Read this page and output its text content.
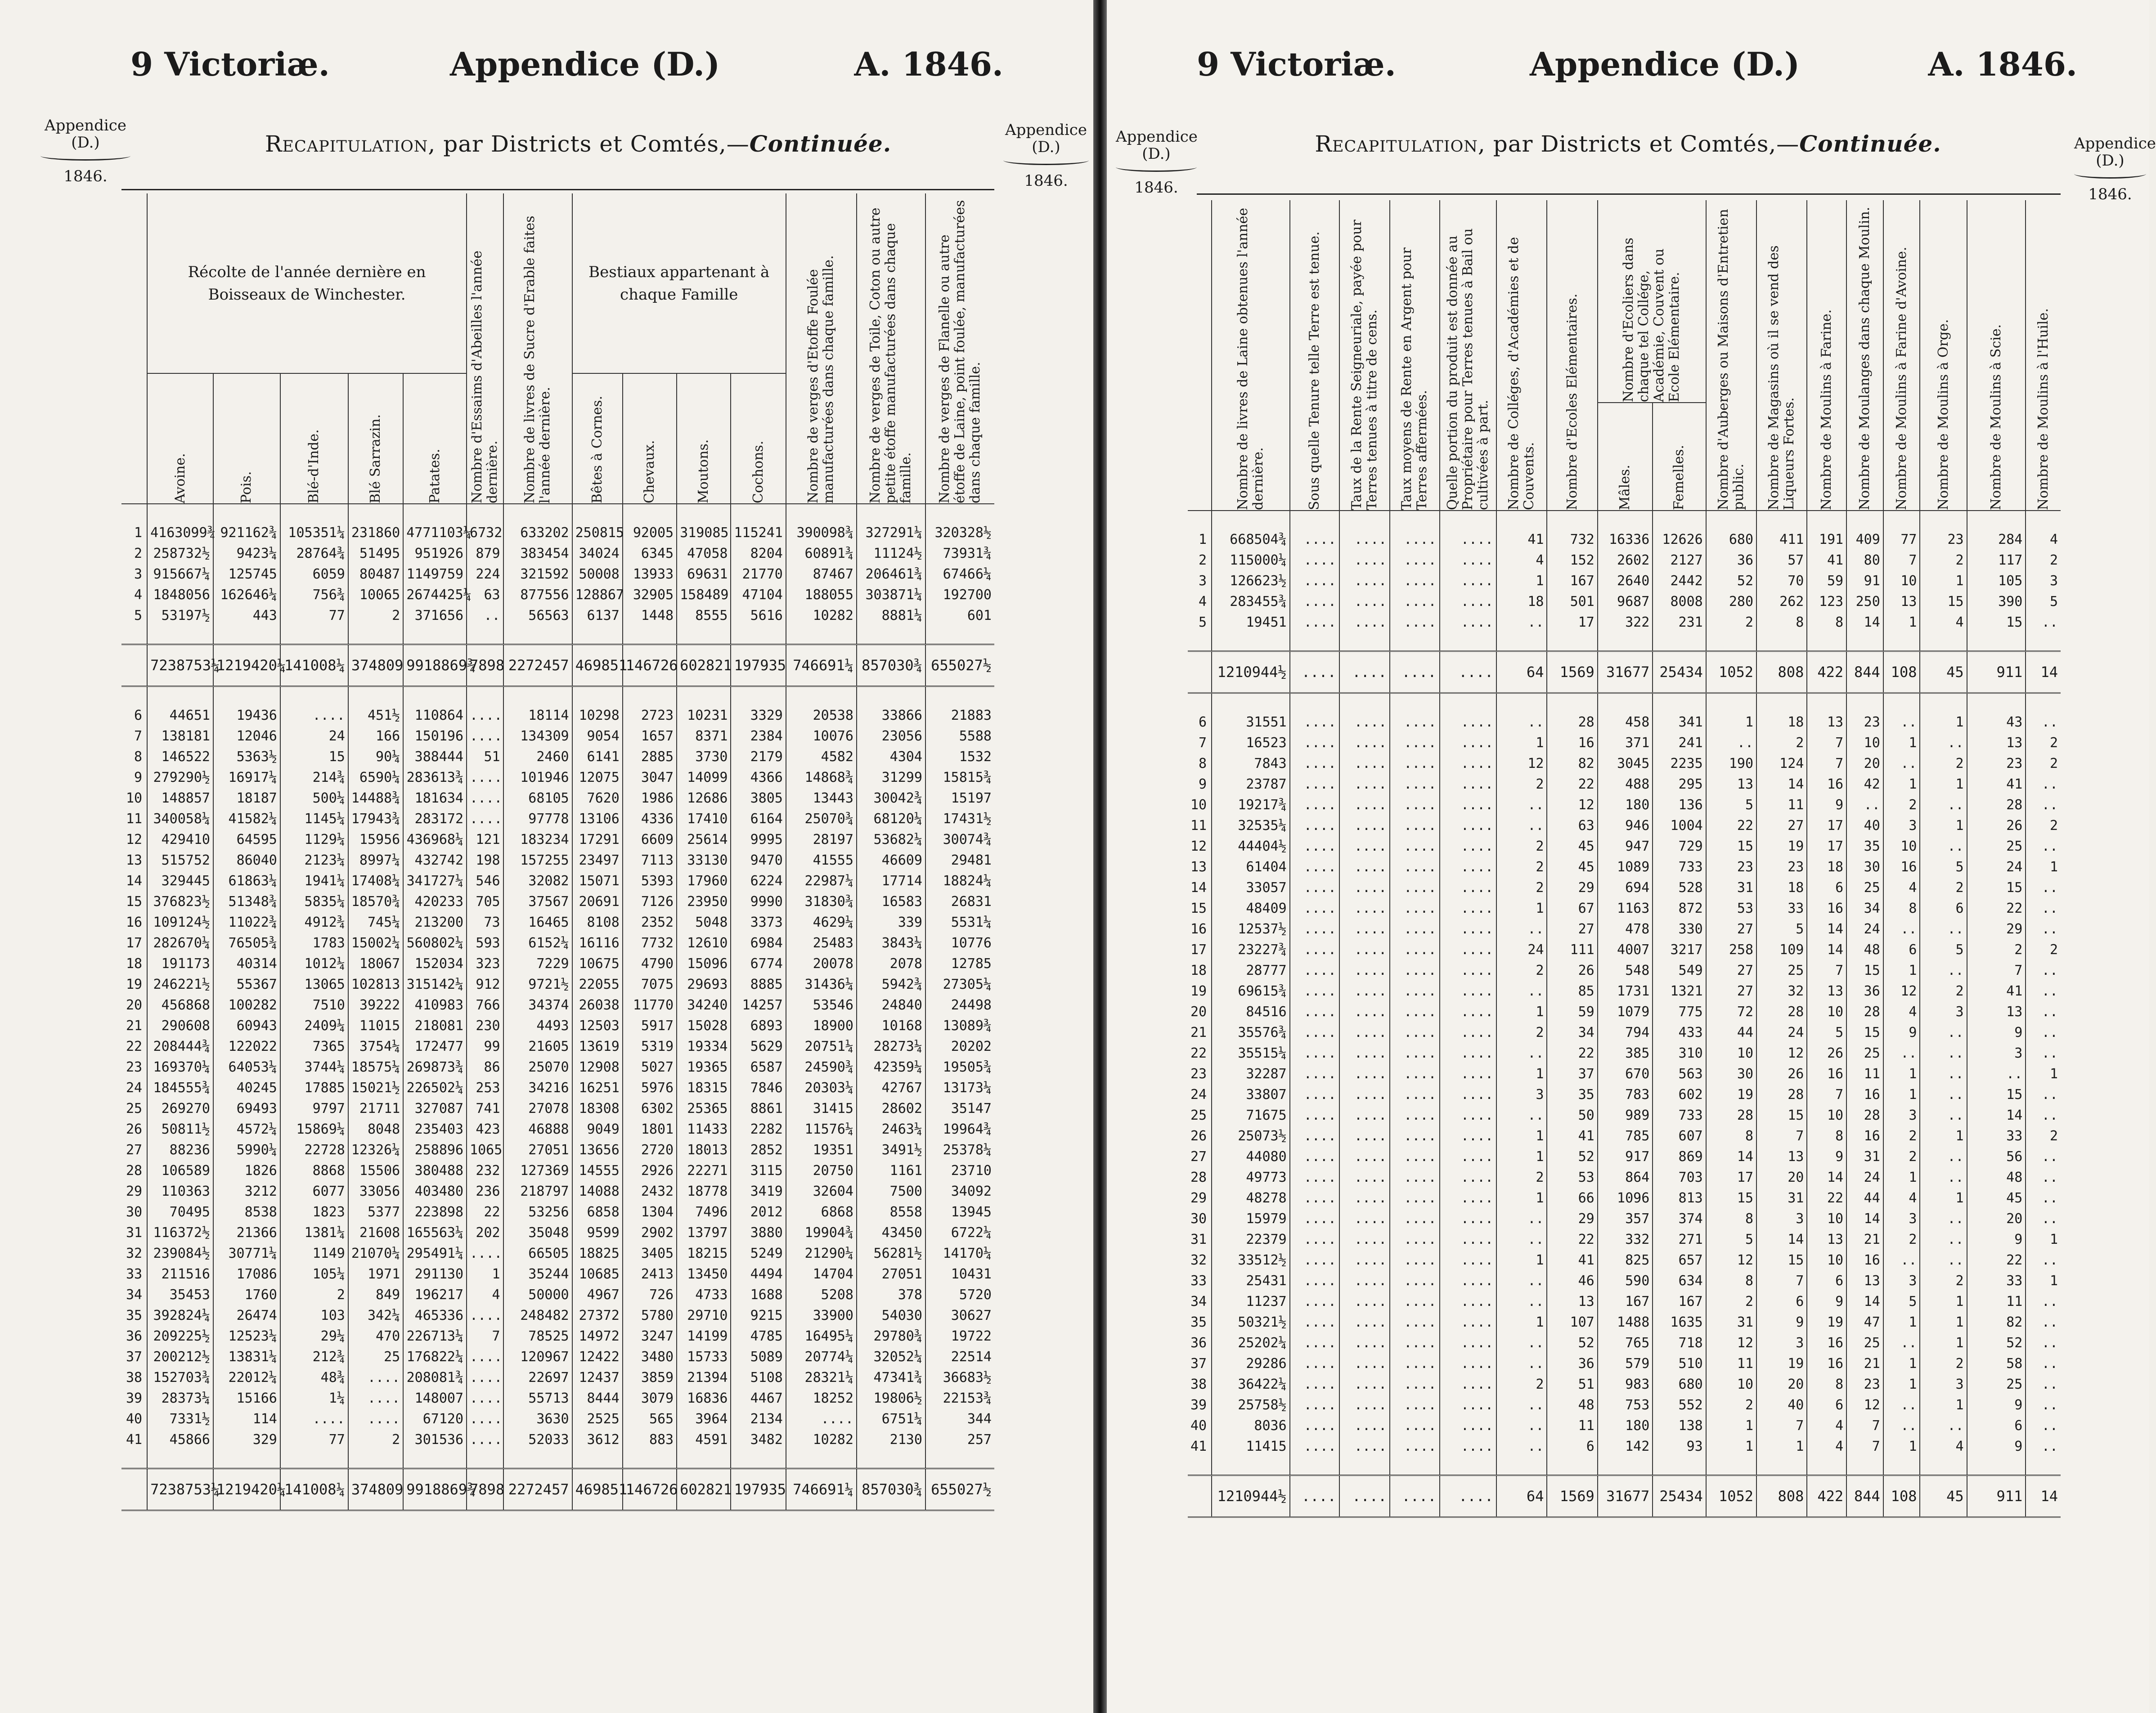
9 Victoriæ.	Appendice (D.)	A. 1846.
Appendice
(D.)
1846.
Appendice
(D.)
1846.
Recapitulation, par Districts et Comtés,—Continuée.
	Récolte de l'année dernière en Boisseaux de Winchester.					Nombre d'Essaims d'Abeilles l'année dernière.	Nombre de livres de Sucre d'Erable faites l'année dernière.	Bestiaux appartenant à chaque Famille				Nombre de verges d'Etoffe Foulée manufacturées dans chaque famille.	Nombre de verges de Toile, Coton ou autre petite étoffe manufacturées dans chaque famille.	Nombre de verges de Flanelle ou autre étoffe de Laine, point foulée, manufacturées dans chaque famille.

	Avoine.	Pois.	Blé-d'Inde.	Blé Sarrazin.	Patates.			Bêtes à Cornes.	Chevaux.	Moutons.	Cochons.			

1	4163099¾	921162¾	105351¼	231860	4771103¼	6732	633202	250815	92005	319085	115241	390098¾	327291¼	320328½
2	258732½	9423¼	28764¾	51495	951926	879	383454	34024	6345	47058	8204	60891¾	11124½	73931¾
3	915667¼	125745	6059	80487	1149759	224	321592	50008	13933	69631	21770	87467	206461¾	67466¼
4	1848056	162646¼	756¾	10065	2674425¼	63	877556	128867	32905	158489	47104	188055	303871¼	192700
5	53197½	443	77	2	371656	..	56563	6137	1448	8555	5616	10282	8881¼	601

	7238753¼	1219420¼	141008¼	374809	9918869¾	7898	2272457	469851	146726	602821	197935	746691¼	857030¾	655027½

6	44651	19436	....	451½	110864	....	18114	10298	2723	10231	3329	20538	33866	21883
7	138181	12046	24	166	150196	....	134309	9054	1657	8371	2384	10076	23056	5588
8	146522	5363½	15	90¼	388444	51	2460	6141	2885	3730	2179	4582	4304	1532
9	279290½	16917¼	214¾	6590¼	283613¾	....	101946	12075	3047	14099	4366	14868¾	31299	15815¾
10	148857	18187	500¼	14488¾	181634	....	68105	7620	1986	12686	3805	13443	30042¾	15197
11	340058¼	41582¼	1145¼	17943¾	283172	....	97778	13106	4336	17410	6164	25070¾	68120¼	17431½
12	429410	64595	1129¼	15956	436968¼	121	183234	17291	6609	25614	9995	28197	53682¼	30074¾
13	515752	86040	2123¼	8997¼	432742	198	157255	23497	7113	33130	9470	41555	46609	29481
14	329445	61863¼	1941¼	17408¼	341727¼	546	32082	15071	5393	17960	6224	22987¼	17714	18824¼
15	376823½	51348¾	5835¼	18570¾	420233	705	37567	20691	7126	23950	9990	31830¾	16583	26831
16	109124½	11022¾	4912¾	745¼	213200	73	16465	8108	2352	5048	3373	4629¼	339	5531¼
17	282670¼	76505¾	1783	15002¼	560802¼	593	6152¼	16116	7732	12610	6984	25483	3843¼	10776
18	191173	40314	1012¼	18067	152034	323	7229	10675	4790	15096	6774	20078	2078	12785
19	246221½	55367	13065	102813	315142¼	912	9721½	22055	7075	29693	8885	31436¼	5942¾	27305¼
20	456868	100282	7510	39222	410983	766	34374	26038	11770	34240	14257	53546	24840	24498
21	290608	60943	2409¼	11015	218081	230	4493	12503	5917	15028	6893	18900	10168	13089¾
22	208444¾	122022	7365	3754¼	172477	99	21605	13619	5319	19334	5629	20751¼	28273¼	20202
23	169370¼	64053¼	3744¼	18575¼	269873¾	86	25070	12908	5027	19365	6587	24590¾	42359¼	19505¾
24	184555¾	40245	17885	15021½	226502¼	253	34216	16251	5976	18315	7846	20303¼	42767	13173¼
25	269270	69493	9797	21711	327087	741	27078	18308	6302	25365	8861	31415	28602	35147
26	50811½	4572¼	15869¼	8048	235403	423	46888	9049	1801	11433	2282	11576¼	2463¼	19964¾
27	88236	5990¼	22728	12326¼	258896	1065	27051	13656	2720	18013	2852	19351	3491½	25378¼
28	106589	1826	8868	15506	380488	232	127369	14555	2926	22271	3115	20750	1161	23710
29	110363	3212	6077	33056	403480	236	218797	14088	2432	18778	3419	32604	7500	34092
30	70495	8538	1823	5377	223898	22	53256	6858	1304	7496	2012	6868	8558	13945
31	116372½	21366	1381¼	21608	165563¼	202	35048	9599	2902	13797	3880	19904¾	43450	6722¼
32	239084½	30771¼	1149	21070¼	295491¼	....	66505	18825	3405	18215	5249	21290¼	56281½	14170¼
33	211516	17086	105¼	1971	291130	1	35244	10685	2413	13450	4494	14704	27051	10431
34	35453	1760	2	849	196217	4	50000	4967	726	4733	1688	5208	378	5720
35	392824¼	26474	103	342¼	465336	....	248482	27372	5780	29710	9215	33900	54030	30627
36	209225½	12523¼	29¼	470	226713¼	7	78525	14972	3247	14199	4785	16495¼	29780¾	19722
37	200212½	13831¼	212¾	25	176822¼	....	120967	12422	3480	15733	5089	20774¼	32052¼	22514
38	152703¾	22012¼	48¾	....	208081¾	....	22697	12437	3859	21394	5108	28321¼	47341¾	36683½
39	28373¼	15166	1¼	....	148007	....	55713	8444	3079	16836	4467	18252	19806½	22153¾
40	7331½	114	....	....	67120	....	3630	2525	565	3964	2134	....	6751¼	344
41	45866	329	77	2	301536	....	52033	3612	883	4591	3482	10282	2130	257

	7238753¼	1219420¼	141008¼	374809	9918869¾	7898	2272457	469851	146726	602821	197935	746691¼	857030¾	655027½
9 Victoriæ.	Appendice (D.)	A. 1846.
Appendice
(D.)
1846.
Appendice
(D.)
1846.
Recapitulation, par Districts et Comtés,—Continuée.

	Nombre de livres de Laine obtenues l'année dernière.	Sous quelle Tenure telle Terre est tenue.	Taux de la Rente Seigneuriale, payée pour Terres tenues à titre de cens.	Taux moyens de Rente en Argent pour Terres affermées.	Quelle portion du produit est donnée au Propriétaire pour Terres tenues à Bail ou cultivées à part.	Nombre de Colléges, d'Académies et de Couvents.	Nombre d'Ecoles Elémentaires.	Nombre d'Ecoliers dans chaque tel Collége, Académie, Couvent ou Ecole Elémentaire.		Nombre d'Auberges ou Maisons d'Entretien public.	Nombre de Magasins où il se vend des Liqueurs Fortes.	Nombre de Moulins à Farine.	Nombre de Moulanges dans chaque Moulin.	Nombre de Moulins à Farine d'Avoine.	Nombre de Moulins à Orge.	Nombre de Moulins à Scie.	Nombre de Moulins à l'Huile.

								Mâles.	Femelles.								

1	668504¾	....	....	....	....	41	732	16336	12626	680	411	191	409	77	23	284	4
2	115000¼	....	....	....	....	4	152	2602	2127	36	57	41	80	7	2	117	2
3	126623½	....	....	....	....	1	167	2640	2442	52	70	59	91	10	1	105	3
4	283455¾	....	....	....	....	18	501	9687	8008	280	262	123	250	13	15	390	5
5	19451	....	....	....	....	..	17	322	231	2	8	8	14	1	4	15	..

	1210944½	....	....	....	....	64	1569	31677	25434	1052	808	422	844	108	45	911	14

6	31551	....	....	....	....	..	28	458	341	1	18	13	23	..	1	43	..
7	16523	....	....	....	....	1	16	371	241	..	2	7	10	1	..	13	2
8	7843	....	....	....	....	12	82	3045	2235	190	124	7	20	..	2	23	2
9	23787	....	....	....	....	2	22	488	295	13	14	16	42	1	1	41	..
10	19217¾	....	....	....	....	..	12	180	136	5	11	9	..	2	..	28	..
11	32535¼	....	....	....	....	..	63	946	1004	22	27	17	40	3	1	26	2
12	44404½	....	....	....	....	2	45	947	729	15	19	17	35	10	..	25	..
13	61404	....	....	....	....	2	45	1089	733	23	23	18	30	16	5	24	1
14	33057	....	....	....	....	2	29	694	528	31	18	6	25	4	2	15	..
15	48409	....	....	....	....	1	67	1163	872	53	33	16	34	8	6	22	..
16	12537½	....	....	....	....	..	27	478	330	27	5	14	24	..	..	29	..
17	23227¾	....	....	....	....	24	111	4007	3217	258	109	14	48	6	5	2	2
18	28777	....	....	....	....	2	26	548	549	27	25	7	15	1	..	7	..
19	69615¾	....	....	....	....	..	85	1731	1321	27	32	13	36	12	2	41	..
20	84516	....	....	....	....	1	59	1079	775	72	28	10	28	4	3	13	..
21	35576¾	....	....	....	....	2	34	794	433	44	24	5	15	9	..	9	..
22	35515¼	....	....	....	....	..	22	385	310	10	12	26	25	..	..	3	..
23	32287	....	....	....	....	1	37	670	563	30	26	16	11	1	..	..	1
24	33807	....	....	....	....	3	35	783	602	19	28	7	16	1	..	15	..
25	71675	....	....	....	....	..	50	989	733	28	15	10	28	3	..	14	..
26	25073½	....	....	....	....	1	41	785	607	8	7	8	16	2	1	33	2
27	44080	....	....	....	....	1	52	917	869	14	13	9	31	2	..	56	..
28	49773	....	....	....	....	2	53	864	703	17	20	14	24	1	..	48	..
29	48278	....	....	....	....	1	66	1096	813	15	31	22	44	4	1	45	..
30	15979	....	....	....	....	..	29	357	374	8	3	10	14	3	..	20	..
31	22379	....	....	....	....	..	22	332	271	5	14	13	21	2	..	9	1
32	33512½	....	....	....	....	1	41	825	657	12	15	10	16	..	..	22	..
33	25431	....	....	....	....	..	46	590	634	8	7	6	13	3	2	33	1
34	11237	....	....	....	....	..	13	167	167	2	6	9	14	5	1	11	..
35	50321½	....	....	....	....	1	107	1488	1635	31	9	19	47	1	1	82	..
36	25202¼	....	....	....	....	..	52	765	718	12	3	16	25	..	1	52	..
37	29286	....	....	....	....	..	36	579	510	11	19	16	21	1	2	58	..
38	36422¼	....	....	....	....	2	51	983	680	10	20	8	23	1	3	25	..
39	25758½	....	....	....	....	..	48	753	552	2	40	6	12	..	1	9	..
40	8036	....	....	....	....	..	11	180	138	1	7	4	7	..	..	6	..
41	11415	....	....	....	....	..	6	142	93	1	1	4	7	1	4	9	..

	1210944½	....	....	....	....	64	1569	31677	25434	1052	808	422	844	108	45	911	14
